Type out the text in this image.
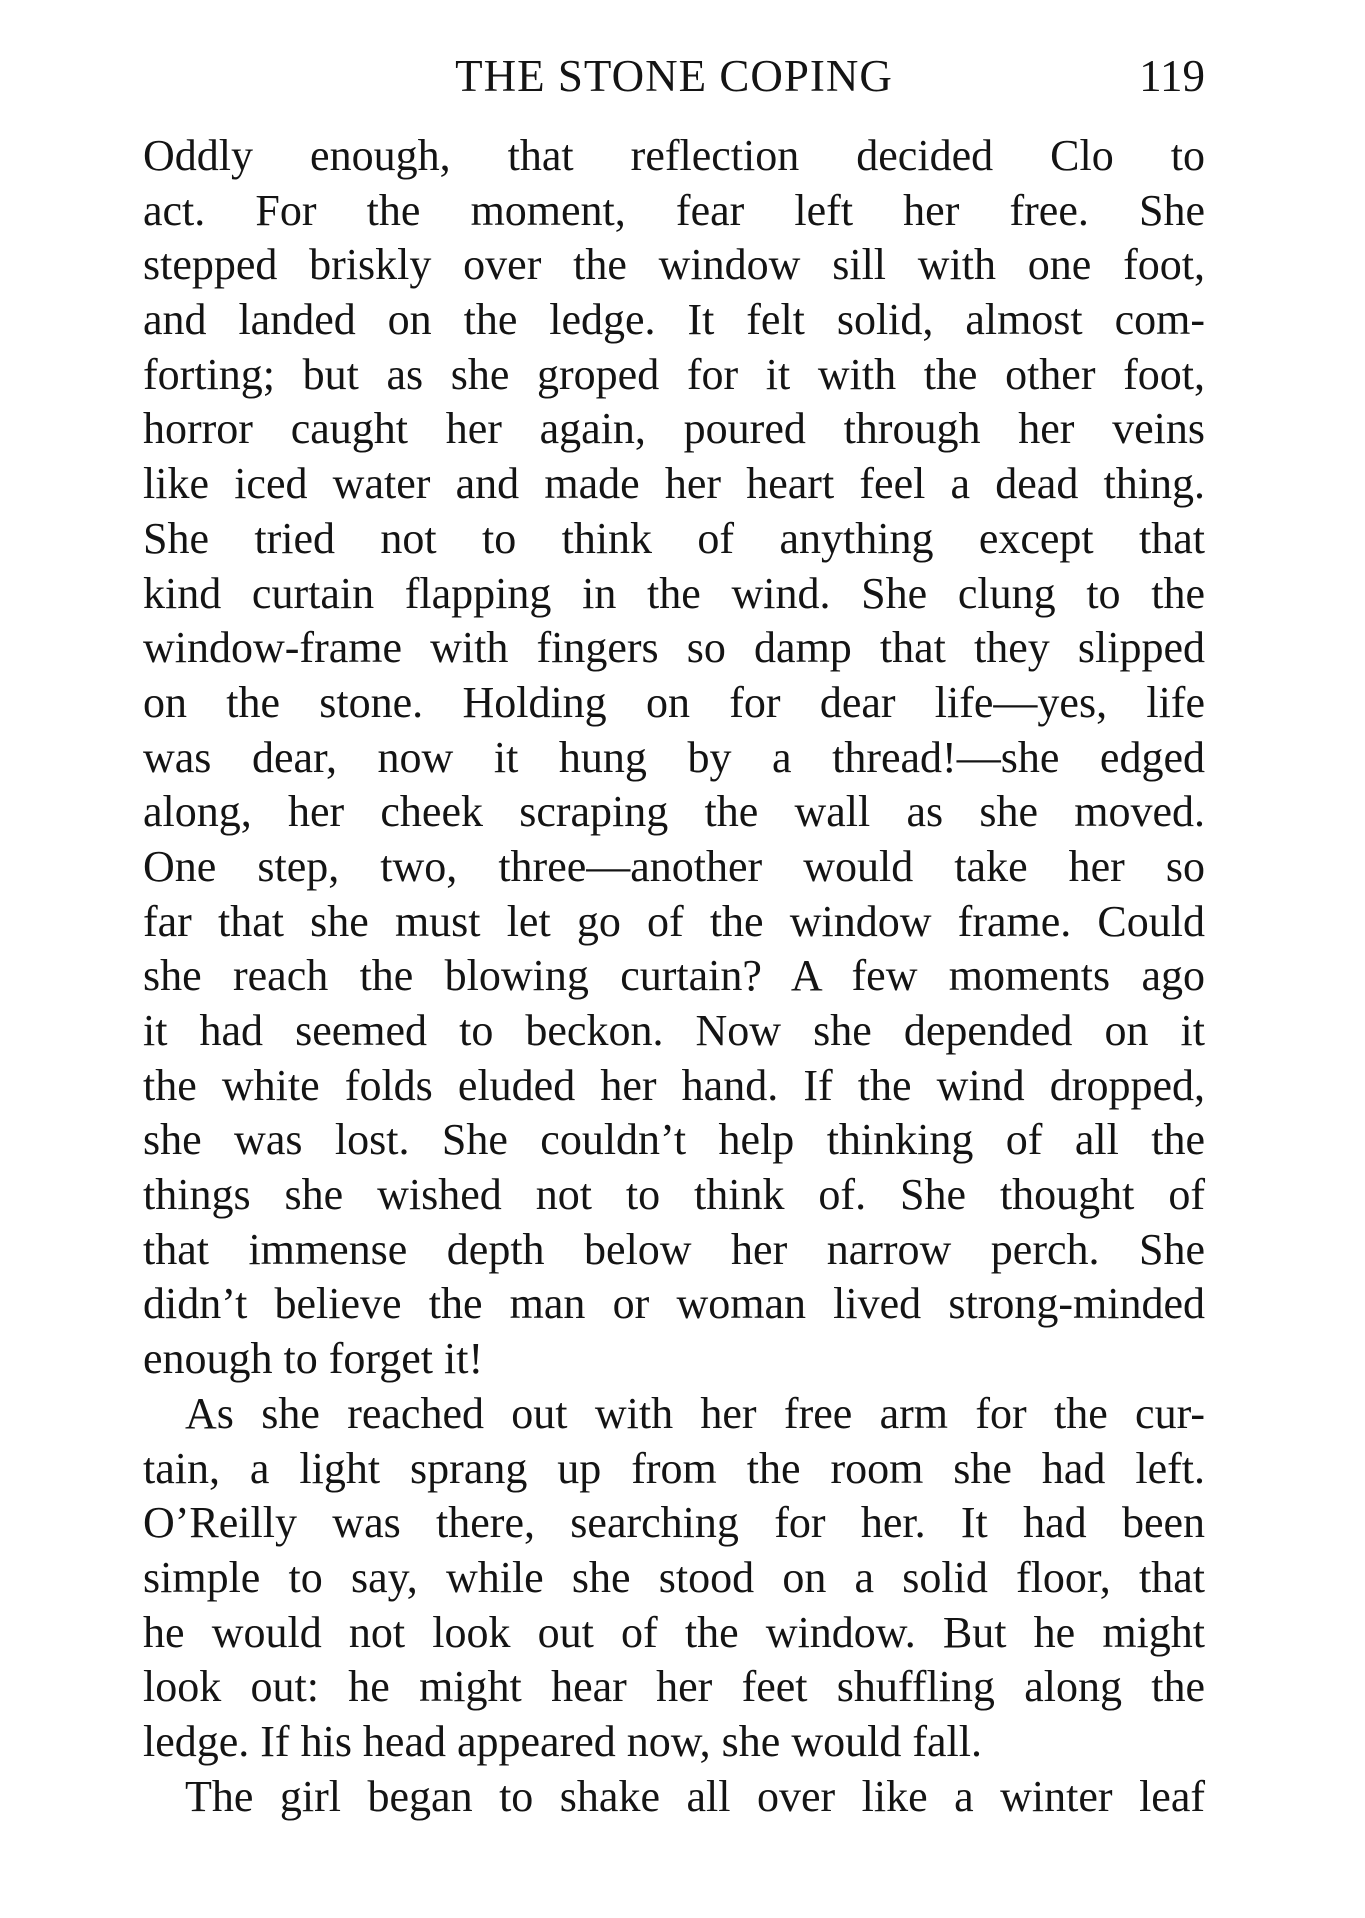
THE STONE COPING	119
Oddly enough, that reflection decided Clo to
act. For the moment, fear left her free. She
stepped briskly over the window sill with one foot,
and landed on the ledge. It felt solid, almost com-
forting; but as she groped for it with the other foot,
horror caught her again, poured through her veins
like iced water and made her heart feel a dead thing.
She tried not to think of anything except that
kind curtain flapping in the wind. She clung to the
window-frame with fingers so damp that they slipped
on the stone. Holding on for dear life—yes, life
was dear, now it hung by a thread!—she edged
along, her cheek scraping the wall as she moved.
One step, two, three—another would take her so
far that she must let go of the window frame. Could
she reach the blowing curtain? A few moments ago
it had seemed to beckon. Now she depended on it
the white folds eluded her hand. If the wind dropped,
she was lost. She couldn’t help thinking of all the
things she wished not to think of. She thought of
that immense depth below her narrow perch. She
didn’t believe the man or woman lived strong-minded
enough to forget it!
As she reached out with her free arm for the cur-
tain, a light sprang up from the room she had left.
O’Reilly was there, searching for her. It had been
simple to say, while she stood on a solid floor, that
he would not look out of the window. But he might
look out: he might hear her feet shuffling along the
ledge. If his head appeared now, she would fall.
The girl began to shake all over like a winter leaf
